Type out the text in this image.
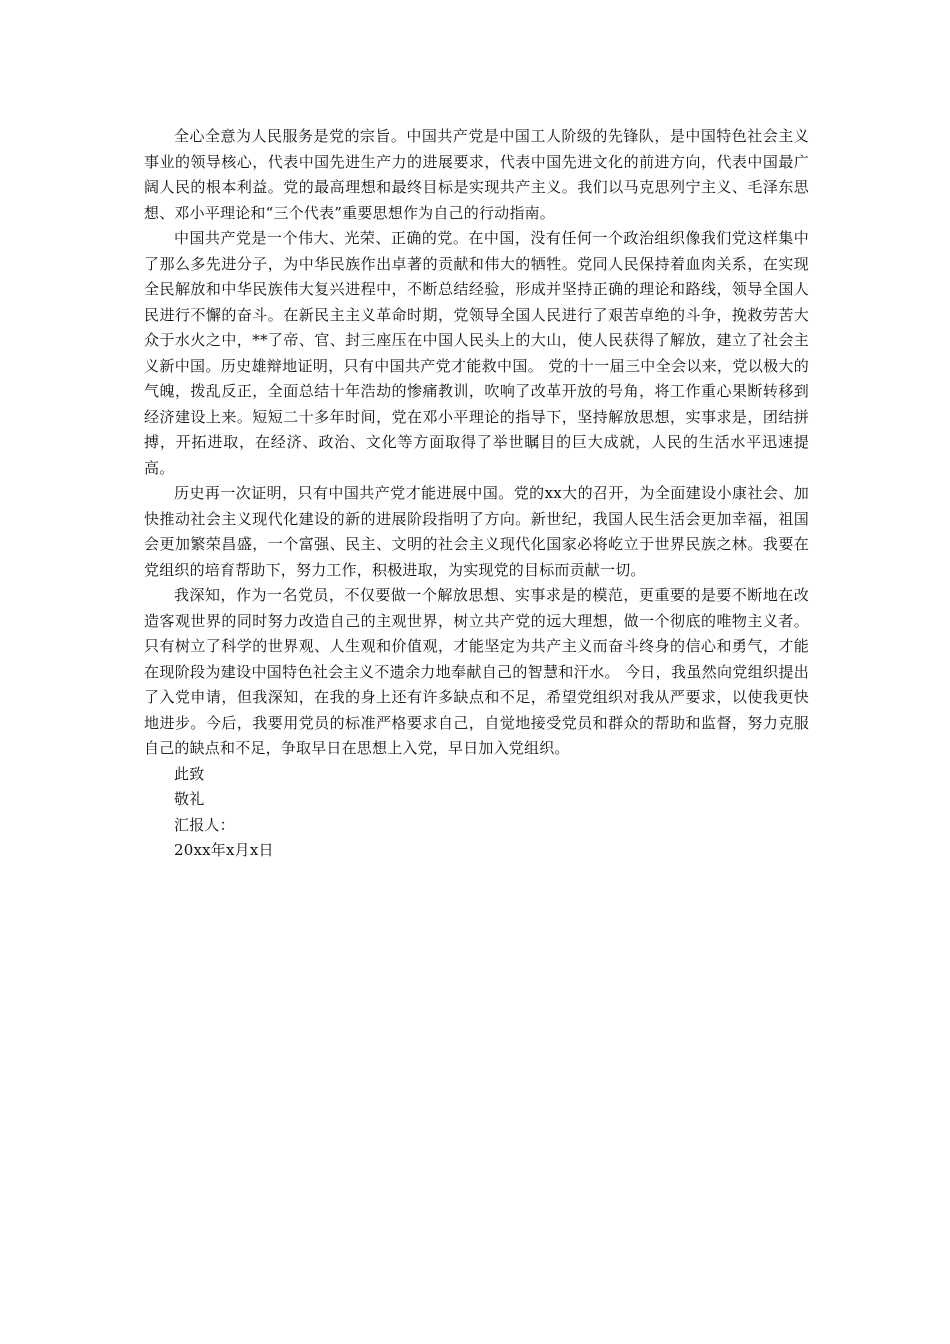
全心全意为人民服务是党的宗旨。中国共产党是中国工人阶级的先锋队，是中国特色社会主义事业的领导核心，代表中国先进生产力的进展要求，代表中国先进文化的前进方向，代表中国最广阔人民的根本利益。党的最高理想和最终目标是实现共产主义。我们以马克思列宁主义、毛泽东思想、邓小平理论和“三个代表”重要思想作为自己的行动指南。

中国共产党是一个伟大、光荣、正确的党。在中国，没有任何一个政治组织像我们党这样集中了那么多先进分子，为中华民族作出卓著的贡献和伟大的牺牲。党同人民保持着血肉关系，在实现全民解放和中华民族伟大复兴进程中，不断总结经验，形成并坚持正确的理论和路线，领导全国人民进行不懈的奋斗。在新民主主义革命时期，党领导全国人民进行了艰苦卓绝的斗争，挽救劳苦大众于水火之中，**了帝、官、封三座压在中国人民头上的大山，使人民获得了解放，建立了社会主义新中国。历史雄辩地证明，只有中国共产党才能救中国。 党的十一届三中全会以来，党以极大的气魄，拨乱反正，全面总结十年浩劫的惨痛教训，吹响了改革开放的号角，将工作重心果断转移到经济建设上来。短短二十多年时间，党在邓小平理论的指导下，坚持解放思想，实事求是，团结拼搏，开拓进取，在经济、政治、文化等方面取得了举世瞩目的巨大成就，人民的生活水平迅速提高。

历史再一次证明，只有中国共产党才能进展中国。党的xx大的召开，为全面建设小康社会、加快推动社会主义现代化建设的新的进展阶段指明了方向。新世纪，我国人民生活会更加幸福，祖国会更加繁荣昌盛，一个富强、民主、文明的社会主义现代化国家必将屹立于世界民族之林。我要在党组织的培育帮助下，努力工作，积极进取，为实现党的目标而贡献一切。

我深知，作为一名党员，不仅要做一个解放思想、实事求是的模范，更重要的是要不断地在改造客观世界的同时努力改造自己的主观世界，树立共产党的远大理想，做一个彻底的唯物主义者。只有树立了科学的世界观、人生观和价值观，才能坚定为共产主义而奋斗终身的信心和勇气，才能在现阶段为建设中国特色社会主义不遗余力地奉献自己的智慧和汗水。 今日，我虽然向党组织提出了入党申请，但我深知，在我的身上还有许多缺点和不足，希望党组织对我从严要求，以使我更快地进步。今后，我要用党员的标准严格要求自己，自觉地接受党员和群众的帮助和监督，努力克服自己的缺点和不足，争取早日在思想上入党，早日加入党组织。

此致

敬礼

汇报人：

20xx年x月x日
